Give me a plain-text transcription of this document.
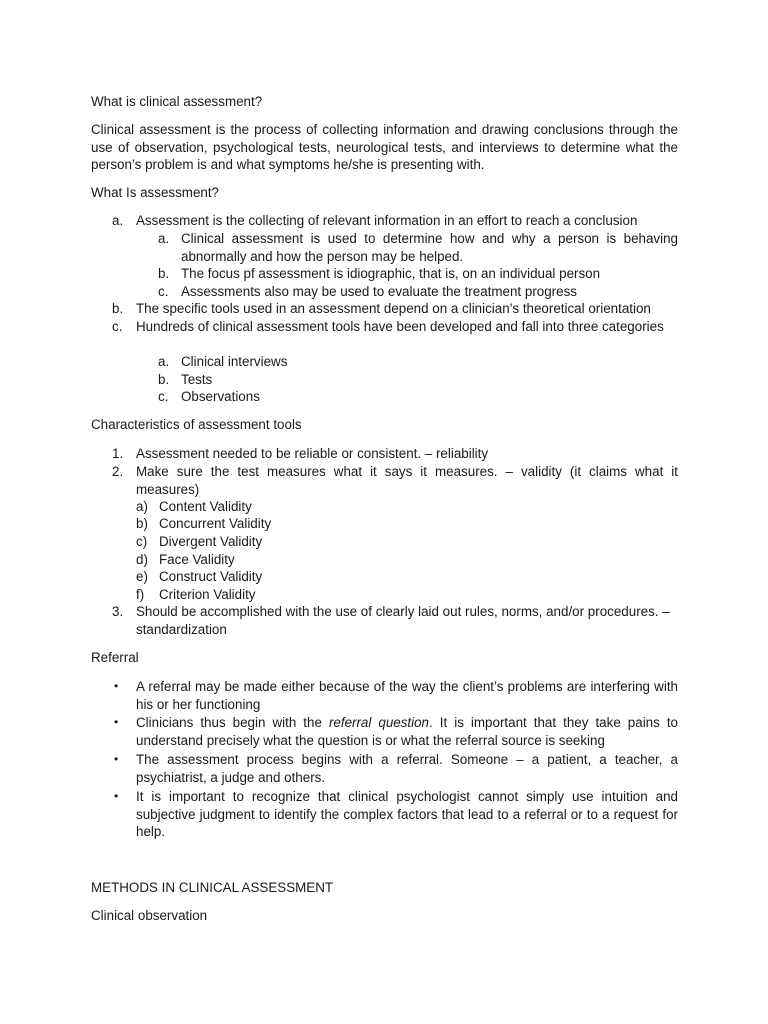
What is clinical assessment?

Clinical assessment is the process of collecting information and drawing conclusions through the use of observation, psychological tests, neurological tests, and interviews to determine what the person’s problem is and what symptoms he/she is presenting with.

What Is assessment?

a. Assessment is the collecting of relevant information in an effort to reach a conclusion

a. Clinical assessment is used to determine how and why a person is behaving abnormally and how the person may be helped.

b. The focus pf assessment is idiographic, that is, on an individual person

c. Assessments also may be used to evaluate the treatment progress

b. The specific tools used in an assessment depend on a clinician’s theoretical orientation

c. Hundreds of clinical assessment tools have been developed and fall into three categories

a. Clinical interviews

b. Tests

c. Observations

Characteristics of assessment tools

1. Assessment needed to be reliable or consistent. – reliability

2. Make sure the test measures what it says it measures. – validity (it claims what it measures)

a) Content Validity

b) Concurrent Validity

c) Divergent Validity

d) Face Validity

e) Construct Validity

f) Criterion Validity

3. Should be accomplished with the use of clearly laid out rules, norms, and/or procedures. – standardization

Referral

• A referral may be made either because of the way the client’s problems are interfering with his or her functioning

• Clinicians thus begin with the referral question. It is important that they take pains to understand precisely what the question is or what the referral source is seeking

• The assessment process begins with a referral. Someone – a patient, a teacher, a psychiatrist, a judge and others.

• It is important to recognize that clinical psychologist cannot simply use intuition and subjective judgment to identify the complex factors that lead to a referral or to a request for help.

METHODS IN CLINICAL ASSESSMENT

Clinical observation
